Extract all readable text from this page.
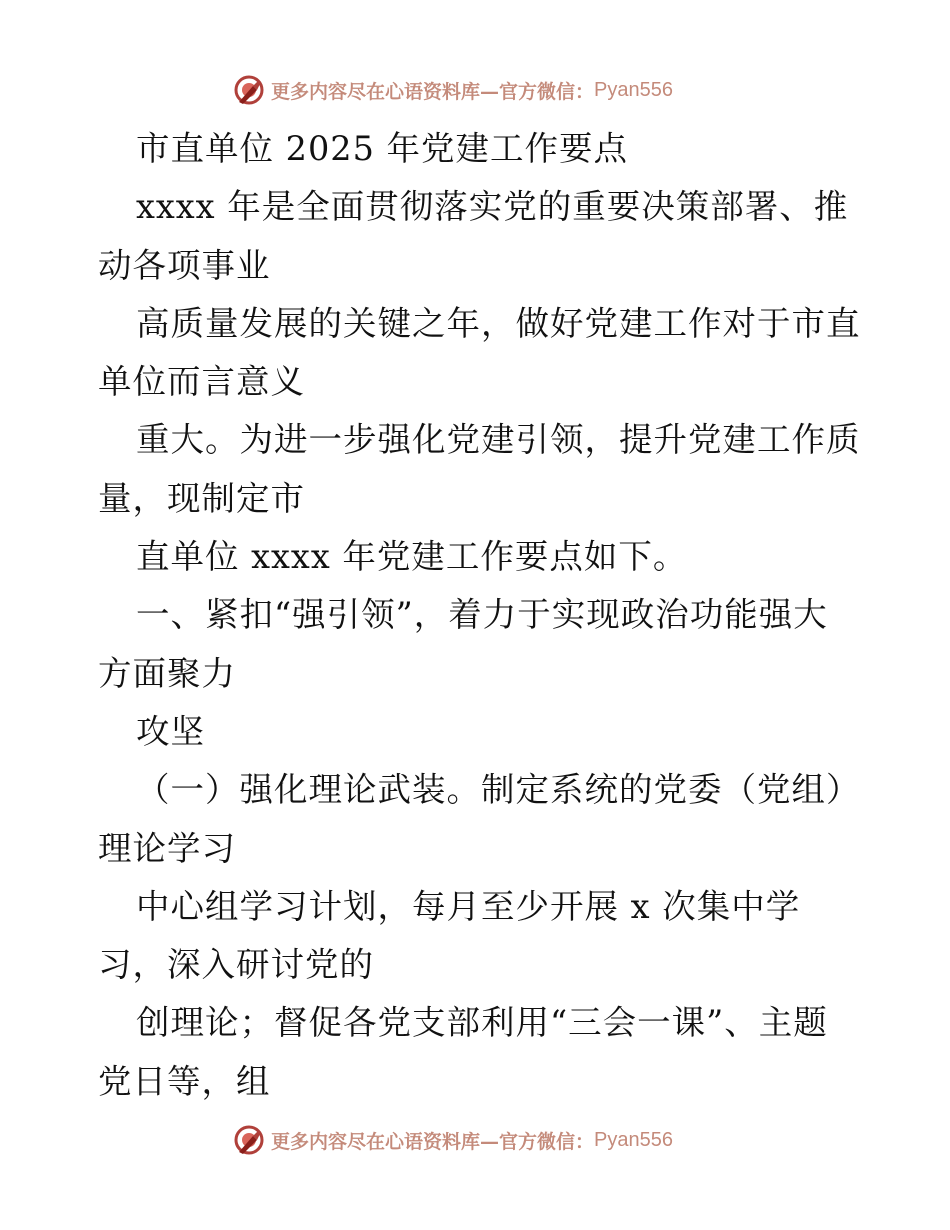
更多内容尽在心语资料库—官方微信： Pyan556
市直单位 2025 年党建工作要点
xxxx 年是全面贯彻落实党的重要决策部署、推
动各项事业
高质量发展的关键之年，做好党建工作对于市直
单位而言意义
重大。为进一步强化党建引领，提升党建工作质
量，现制定市
直单位 xxxx 年党建工作要点如下。
一、紧扣“强引领”，着力于实现政治功能强大
方面聚力
攻坚
（一）强化理论武装。制定系统的党委（党组）
理论学习
中心组学习计划，每月至少开展 x 次集中学
习，深入研讨党的
创理论；督促各党支部利用“三会一课”、主题
党日等，组
更多内容尽在心语资料库—官方微信： Pyan556
